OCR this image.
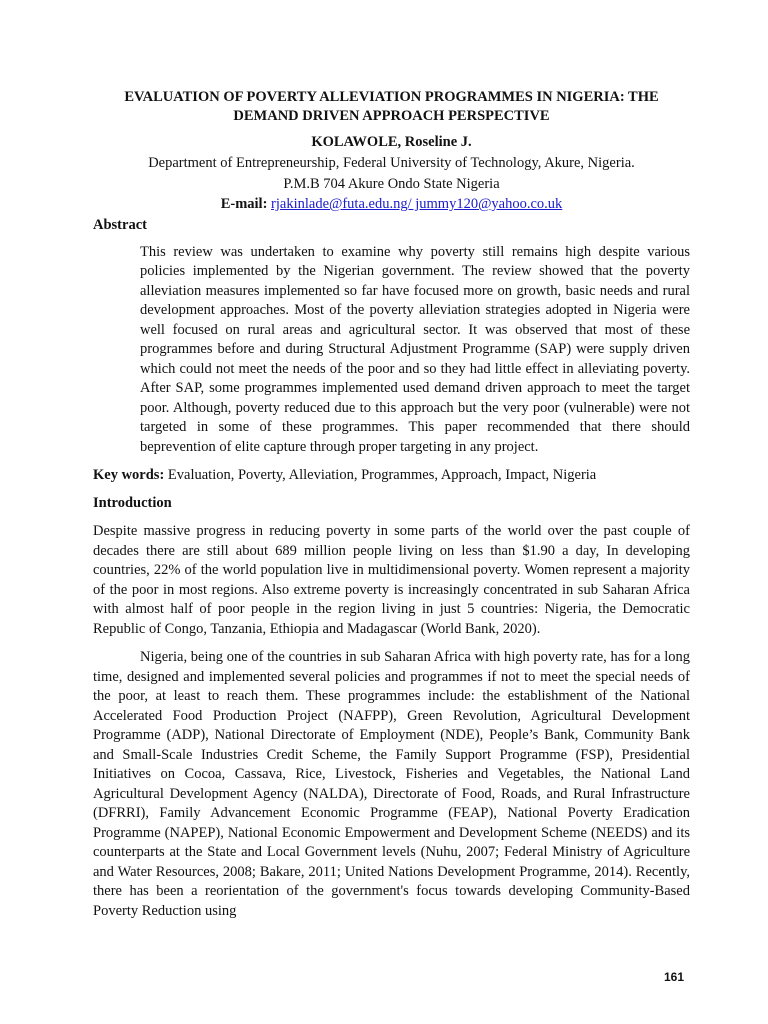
EVALUATION OF POVERTY ALLEVIATION PROGRAMMES IN NIGERIA: THE
DEMAND DRIVEN APPROACH PERSPECTIVE
KOLAWOLE, Roseline J.
Department of Entrepreneurship, Federal University of Technology, Akure, Nigeria.
P.M.B 704 Akure Ondo State Nigeria
E-mail: rjakinlade@futa.edu.ng/ jummy120@yahoo.co.uk
Abstract
This review was undertaken to examine why poverty still remains high despite various policies implemented by the Nigerian government. The review showed that the poverty alleviation measures implemented so far have focused more on growth, basic needs and rural development approaches. Most of the poverty alleviation strategies adopted in Nigeria were well focused on rural areas and agricultural sector. It was observed that most of these programmes before and during Structural Adjustment Programme (SAP) were supply driven which could not meet the needs of the poor and so they had little effect in alleviating poverty. After SAP, some programmes implemented used demand driven approach to meet the target poor. Although, poverty reduced due to this approach but the very poor (vulnerable) were not targeted in some of these programmes. This paper recommended that there should beprevention of elite capture through proper targeting in any project.
Key words: Evaluation, Poverty, Alleviation, Programmes, Approach, Impact, Nigeria
Introduction
Despite massive progress in reducing poverty in some parts of the world over the past couple of decades there are still about 689 million people living on less than $1.90 a day, In developing countries, 22% of the world population live in multidimensional poverty. Women represent a majority of the poor in most regions. Also extreme poverty is increasingly concentrated in sub Saharan Africa with almost half of poor people in the region living in just 5 countries: Nigeria, the Democratic Republic of Congo, Tanzania, Ethiopia and Madagascar (World Bank, 2020).
Nigeria, being one of the countries in sub Saharan Africa with high poverty rate, has for a long time, designed and implemented several policies and programmes if not to meet the special needs of the poor, at least to reach them. These programmes include: the establishment of the National Accelerated Food Production Project (NAFPP), Green Revolution, Agricultural Development Programme (ADP), National Directorate of Employment (NDE), People’s Bank, Community Bank and Small-Scale Industries Credit Scheme, the Family Support Programme (FSP), Presidential Initiatives on Cocoa, Cassava, Rice, Livestock, Fisheries and Vegetables, the National Land Agricultural Development Agency (NALDA), Directorate of Food, Roads, and Rural Infrastructure (DFRRI), Family Advancement Economic Programme (FEAP), National Poverty Eradication Programme (NAPEP), National Economic Empowerment and Development Scheme (NEEDS) and its counterparts at the State and Local Government levels (Nuhu, 2007; Federal Ministry of Agriculture and Water Resources, 2008; Bakare, 2011; United Nations Development Programme, 2014). Recently, there has been a reorientation of the government's focus towards developing Community-Based Poverty Reduction using
161
